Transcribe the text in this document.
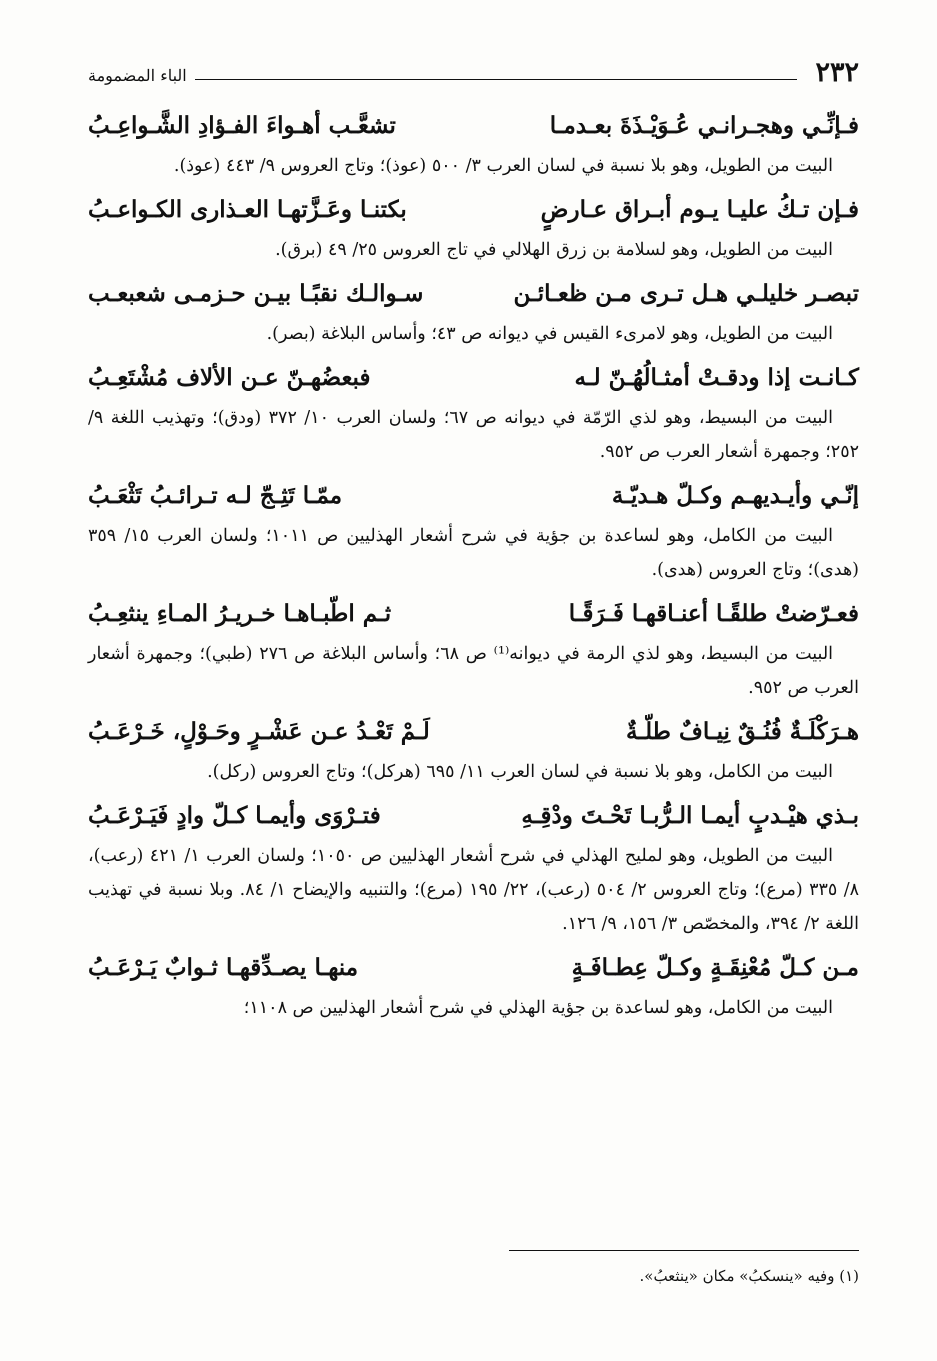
٢٣٢
الباء المضمومة
فـإنِّـي وهجـرانـي عُـوَيْـذَةَ بعـدمـا
تشعَّـب أهـواءَ الفـؤادِ الشَّـواعِـبُ
البيت من الطويل، وهو بلا نسبة في لسان العرب ٣/ ٥٠٠ (عوذ)؛ وتاج العروس ٩/ ٤٤٣ (عوذ).
فـإن تـكُ عليـا يـوم أبـراق عـارضٍ
بكتنـا وعَـزَّتهـا العـذارى الكـواعـبُ
البيت من الطويل، وهو لسلامة بن زرق الهلالي في تاج العروس ٢٥/ ٤٩ (برق).
تبصـر خليلـي هـل تـرى مـن ظعـائـن
سـوالـك نقبًـا بيـن حـزمـى شعبعـب
البيت من الطويل، وهو لامرىء القيس في ديوانه ص ٤٣؛ وأساس البلاغة (بصر).
كـانـت إذا ودقـتْ أمثـالُهُـنّ لـه
فبعضُهـنّ عـن الألاف مُشْتَعِـبُ
البيت من البسيط، وهو لذي الرّمّة في ديوانه ص ٦٧؛ ولسان العرب ١٠/ ٣٧٢ (ودق)؛ وتهذيب اللغة ٩/ ٢٥٢؛ وجمهرة أشعار العرب ص ٩٥٢.
إنّـي وأيـديهـم وكـلّ هـديّـة
ممّـا تَثِـجّ لـه تـرائـبُ تَثْعَـبُ
البيت من الكامل، وهو لساعدة بن جؤية في شرح أشعار الهذليين ص ١٠١١؛ ولسان العرب ١٥/ ٣٥٩ (هدى)؛ وتاج العروس (هدى).
فعـرّضتْ طلقًـا أعنـاقهـا فَـرَقًـا
ثـم اطّبـاهـا خـريـرُ المـاءِ ينثعِـبُ
البيت من البسيط، وهو لذي الرمة في ديوانه⁽¹⁾ ص ٦٨؛ وأساس البلاغة ص ٢٧٦ (طبي)؛ وجمهرة أشعار العرب ص ٩٥٢.
هـرَكْلَـةٌ فُنُـقٌ نِيـافٌ طلّـةٌ
لَـمْ تَعْـدُ عـن عَشْـرٍ وحَـوْلٍ، خَـرْعَـبُ
البيت من الكامل، وهو بلا نسبة في لسان العرب ١١/ ٦٩٥ (هركل)؛ وتاج العروس (ركل).
بـذي هيْـدبٍ أيمـا الـرُّبـا تَحْـتَ ودْقِـهِ
فتـرْوَى وأيمـا كـلّ وادٍ فَيَـرْعَـبُ
البيت من الطويل، وهو لمليح الهذلي في شرح أشعار الهذليين ص ١٠٥٠؛ ولسان العرب ١/ ٤٢١ (رعب)، ٨/ ٣٣٥ (مرع)؛ وتاج العروس ٢/ ٥٠٤ (رعب)، ٢٢/ ١٩٥ (مرع)؛ والتنبيه والإيضاح ١/ ٨٤. وبلا نسبة في تهذيب اللغة ٢/ ٣٩٤، والمخصّص ٣/ ١٥٦، ٩/ ١٢٦.
مـن كـلّ مُعْنِقَـةٍ وكـلّ عِطـافَـةٍ
منهـا يصـدِّقهـا ثـوابٌ يَـرْعَـبُ
البيت من الكامل، وهو لساعدة بن جؤية الهذلي في شرح أشعار الهذليين ص ١١٠٨؛
(١) وفيه «ينسكبُ» مكان «ينثعبُ».
